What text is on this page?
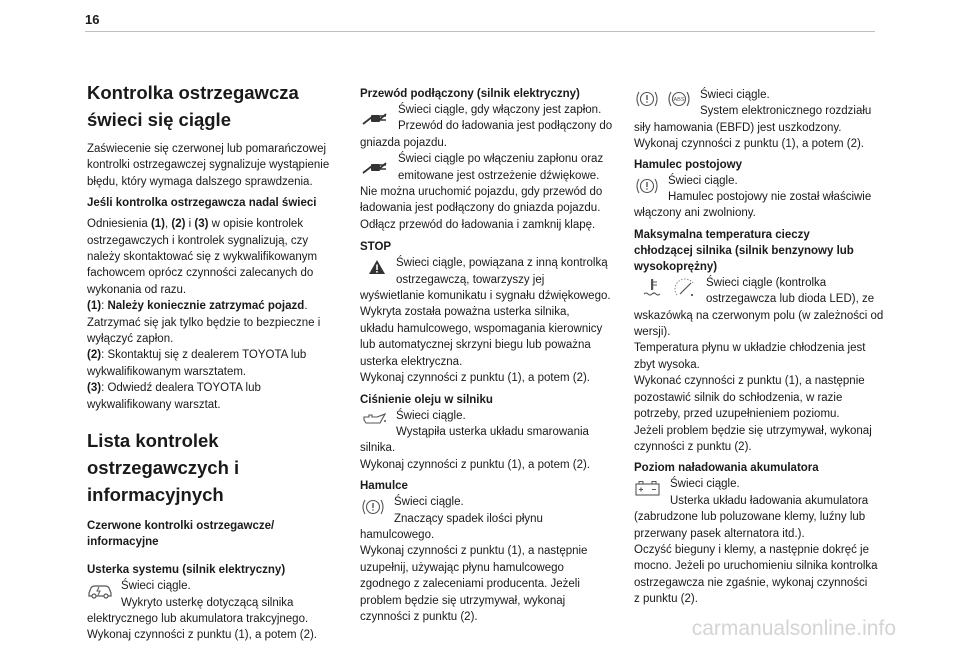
16
Kontrolka ostrzegawcza
świeci się ciągle

Zaświecenie się czerwonej lub pomarańczowej

kontrolki ostrzegawczej sygnalizuje wystąpienie

błędu, który wymaga dalszego sprawdzenia.

Jeśli kontrolka ostrzegawcza nadal świeci

Odniesienia (1), (2) i (3) w opisie kontrolek

ostrzegawczych i kontrolek sygnalizują, czy

należy skontaktować się z wykwalifikowanym

fachowcem oprócz czynności zalecanych do

wykonania od razu.

(1): Należy koniecznie zatrzymać pojazd.

Zatrzymać się jak tylko będzie to bezpieczne i

wyłączyć zapłon.

(2): Skontaktuj się z dealerem TOYOTA lub

wykwalifikowanym warsztatem.

(3): Odwiedź dealera TOYOTA lub

wykwalifikowany warsztat.

Lista kontrolek
ostrzegawczych i
informacyjnych

Czerwone kontrolki ostrzegawcze/

informacyjne

Usterka systemu (silnik elektryczny)

Świeci ciągle.

Wykryto usterkę dotyczącą silnika

elektrycznego lub akumulatora trakcyjnego.

Wykonaj czynności z punktu (1), a potem (2).

Przewód podłączony (silnik elektryczny)

Świeci ciągle, gdy włączony jest zapłon.

Przewód do ładowania jest podłączony do

gniazda pojazdu.

Świeci ciągle po włączeniu zapłonu oraz

emitowane jest ostrzeżenie dźwiękowe.

Nie można uruchomić pojazdu, gdy przewód do

ładowania jest podłączony do gniazda pojazdu.

Odłącz przewód do ładowania i zamknij klapę.

STOP

Świeci ciągle, powiązana z inną kontrolką

ostrzegawczą, towarzyszy jej

wyświetlanie komunikatu i sygnału dźwiękowego.

Wykryta została poważna usterka silnika,

układu hamulcowego, wspomagania kierownicy

lub automatycznej skrzyni biegu lub poważna

usterka elektryczna.

Wykonaj czynności z punktu (1), a potem (2).

Ciśnienie oleju w silniku

Świeci ciągle.

Wystąpiła usterka układu smarowania

silnika.

Wykonaj czynności z punktu (1), a potem (2).

Hamulce

Świeci ciągle.

Znaczący spadek ilości płynu

hamulcowego.

Wykonaj czynności z punktu (1), a następnie

uzupełnij, używając płynu hamulcowego

zgodnego z zaleceniami producenta. Jeżeli

problem będzie się utrzymywał, wykonaj

czynności z punktu (2).

ABS	Świeci ciągle.

System elektronicznego rozdziału

siły hamowania (EBFD) jest uszkodzony.

Wykonaj czynności z punktu (1), a potem (2).

Hamulec postojowy

Świeci ciągle.

Hamulec postojowy nie został właściwie

włączony ani zwolniony.

Maksymalna temperatura cieczy

chłodzącej silnika (silnik benzynowy lub

wysokoprężny)

Świeci ciągle (kontrolka

ostrzegawcza lub dioda LED), ze

wskazówką na czerwonym polu (w zależności od

wersji).

Temperatura płynu w układzie chłodzenia jest

zbyt wysoka.

Wykonać czynności z punktu (1), a następnie

pozostawić silnik do schłodzenia, w razie

potrzeby, przed uzupełnieniem poziomu.

Jeżeli problem będzie się utrzymywał, wykonaj

czynności z punktu (2).

Poziom naładowania akumulatora

Świeci ciągle.

Usterka układu ładowania akumulatora

(zabrudzone lub poluzowane klemy, luźny lub

przerwany pasek alternatora itd.).

Oczyść bieguny i klemy, a następnie dokręć je

mocno. Jeżeli po uruchomieniu silnika kontrolka

ostrzegawcza nie zgaśnie, wykonaj czynności

z punktu (2).

carmanualsonline.info
